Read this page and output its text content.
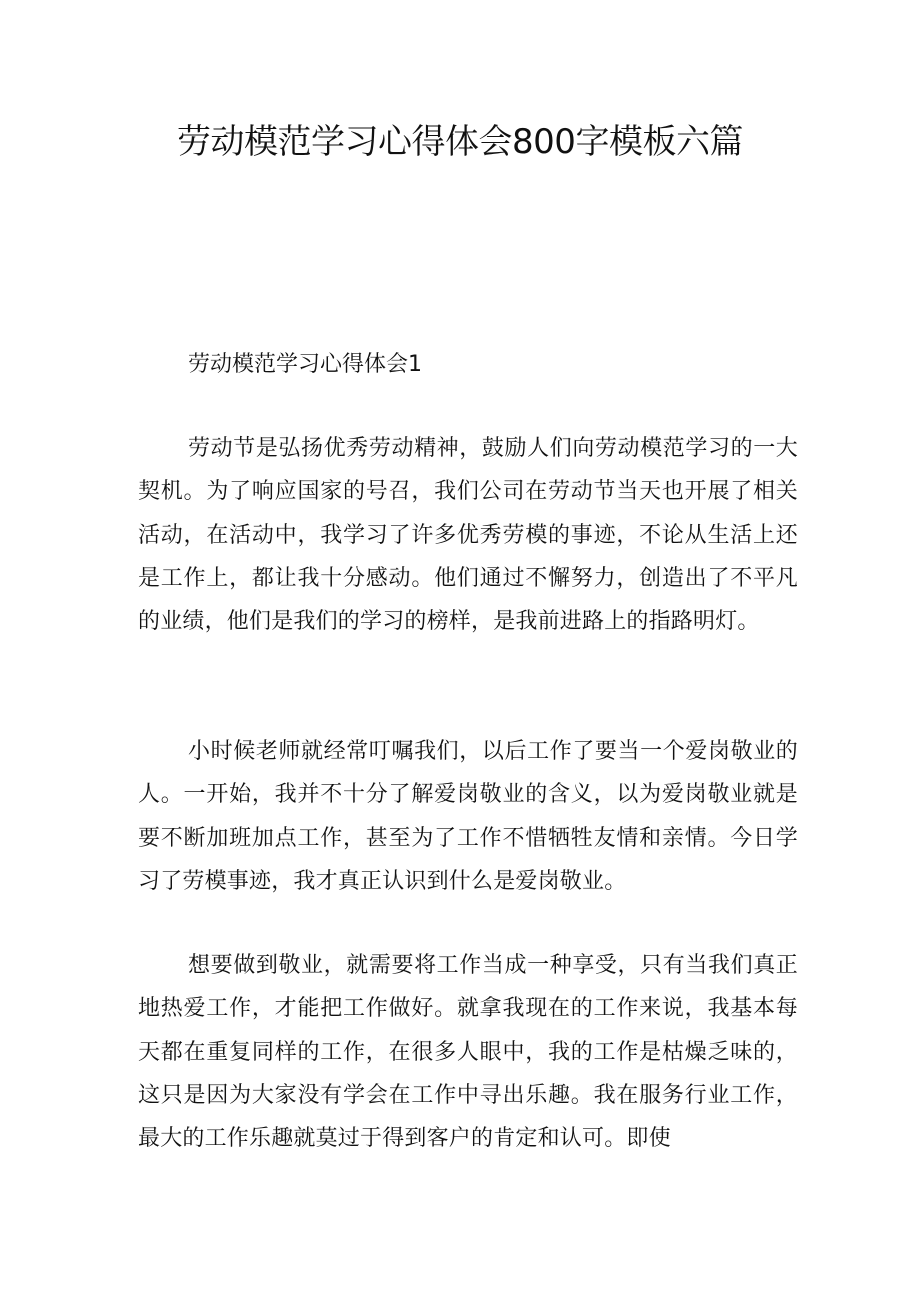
劳动模范学习心得体会800字模板六篇
劳动模范学习心得体会1

劳动节是弘扬优秀劳动精神，鼓励人们向劳动模范学习的一大契机。为了响应国家的号召，我们公司在劳动节当天也开展了相关活动，在活动中，我学习了许多优秀劳模的事迹，不论从生活上还是工作上，都让我十分感动。他们通过不懈努力，创造出了不平凡的业绩，他们是我们的学习的榜样，是我前进路上的指路明灯。

小时候老师就经常叮嘱我们，以后工作了要当一个爱岗敬业的人。一开始，我并不十分了解爱岗敬业的含义，以为爱岗敬业就是要不断加班加点工作，甚至为了工作不惜牺牲友情和亲情。今日学习了劳模事迹，我才真正认识到什么是爱岗敬业。

想要做到敬业，就需要将工作当成一种享受，只有当我们真正地热爱工作，才能把工作做好。就拿我现在的工作来说，我基本每天都在重复同样的工作，在很多人眼中，我的工作是枯燥乏味的，这只是因为大家没有学会在工作中寻出乐趣。我在服务行业工作，最大的工作乐趣就莫过于得到客户的肯定和认可。即使
